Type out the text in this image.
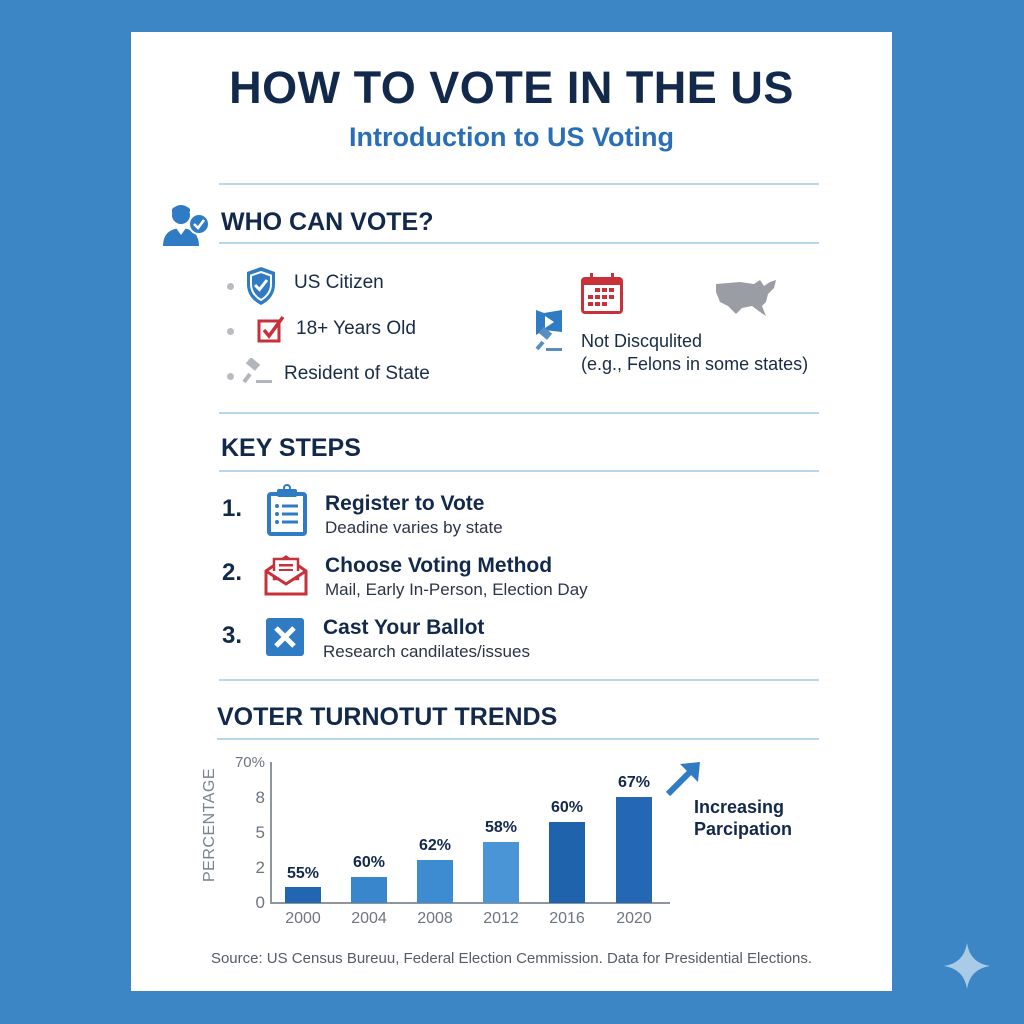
HOW TO VOTE IN THE US
Introduction to US Voting
WHO CAN VOTE?
US Citizen
18+ Years Old
Resident of State
Not Discqulited
(e.g., Felons in some states)
KEY STEPS
1.	Register to Vote
Deadine varies by state
2.	Choose Voting Method
Mail, Early In-Person, Election Day
3.	Cast Your Ballot
Research candilates/issues
VOTER TURNOTUT TRENDS
PERCENTAGE
70%
8
5
2
0
55%
2000
60%
2004
62%
2008
58%
2012
60%
2016
67%
2020
Increasing
Parcipation
Source: US Census Bureuu, Federal Election Cemmission. Data for Presidential Elections.
